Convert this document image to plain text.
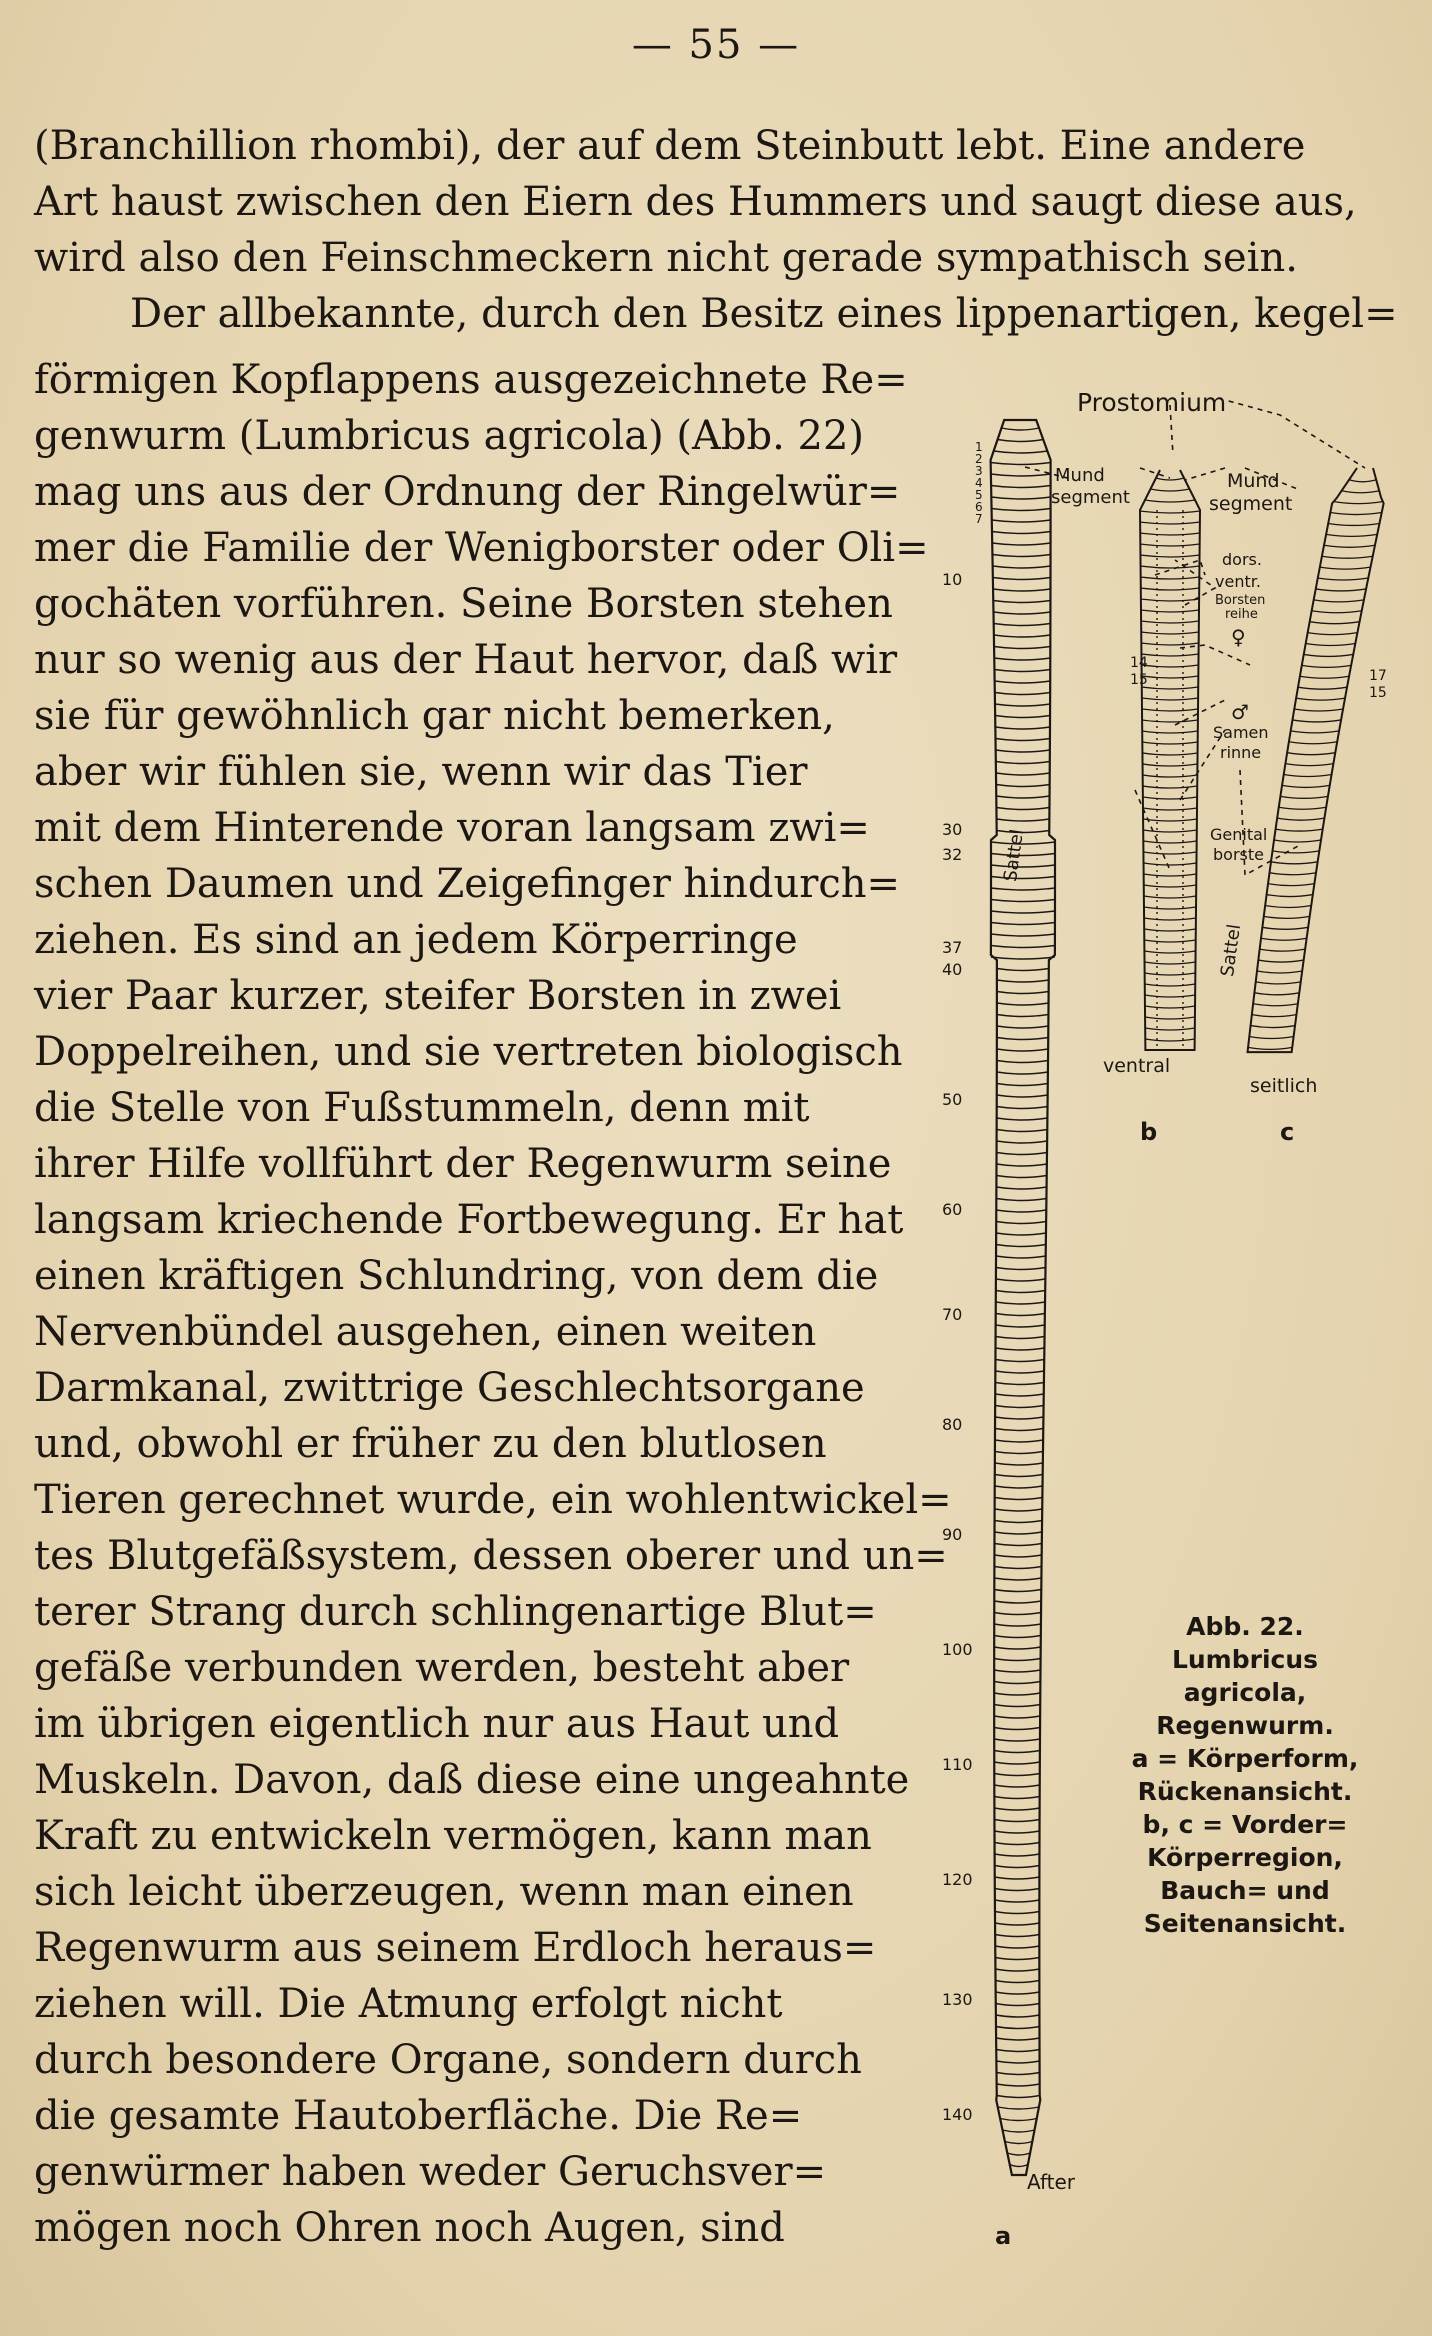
— 55 —
(Branchillion rhombi), der auf dem Steinbutt lebt. Eine andere
Art haust zwischen den Eiern des Hummers und saugt diese aus,
wird also den Feinschmeckern nicht gerade sympathisch sein.
Der allbekannte, durch den Besitz eines lippenartigen, kegel=
förmigen Kopflappens ausgezeichnete Re=
genwurm (Lumbricus agricola) (Abb. 22)
mag uns aus der Ordnung der Ringelwür=
mer die Familie der Wenigborster oder Oli=
gochäten vorführen. Seine Borsten stehen
nur so wenig aus der Haut hervor, daß wir
sie für gewöhnlich gar nicht bemerken,
aber wir fühlen sie, wenn wir das Tier
mit dem Hinterende voran langsam zwi=
schen Daumen und Zeigefinger hindurch=
ziehen. Es sind an jedem Körperringe
vier Paar kurzer, steifer Borsten in zwei
Doppelreihen, und sie vertreten biologisch
die Stelle von Fußstummeln, denn mit
ihrer Hilfe vollführt der Regenwurm seine
langsam kriechende Fortbewegung. Er hat
einen kräftigen Schlundring, von dem die
Nervenbündel ausgehen, einen weiten
Darmkanal, zwittrige Geschlechtsorgane
und, obwohl er früher zu den blutlosen
Tieren gerechnet wurde, ein wohlentwickel=
tes Blutgefäßsystem, dessen oberer und un=
terer Strang durch schlingenartige Blut=
gefäße verbunden werden, besteht aber
im übrigen eigentlich nur aus Haut und
Muskeln. Davon, daß diese eine ungeahnte
Kraft zu entwickeln vermögen, kann man
sich leicht überzeugen, wenn man einen
Regenwurm aus seinem Erdloch heraus=
ziehen will. Die Atmung erfolgt nicht
durch besondere Organe, sondern durch
die gesamte Hautoberfläche. Die Re=
genwürmer haben weder Geruchsver=
mögen noch Ohren noch Augen, sind
Prostomium
Mund
segment
Mund
segment
dors.
ventr.
Borsten
reihe
♀
♂
Samen
rinne
Genital
borste
Sattel
Sattel
ventral
seitlich
After
b	c
a
1
2
3
4
5
6
7
10
30
32
37
40
50
60
70
80
90
100
110
120
130
140
14
15	17
15
Abb. 22.
Lumbricus
agricola,
Regenwurm.
a = Körperform,
Rückenansicht.
b, c = Vorder=
Körperregion,
Bauch= und
Seitenansicht.
